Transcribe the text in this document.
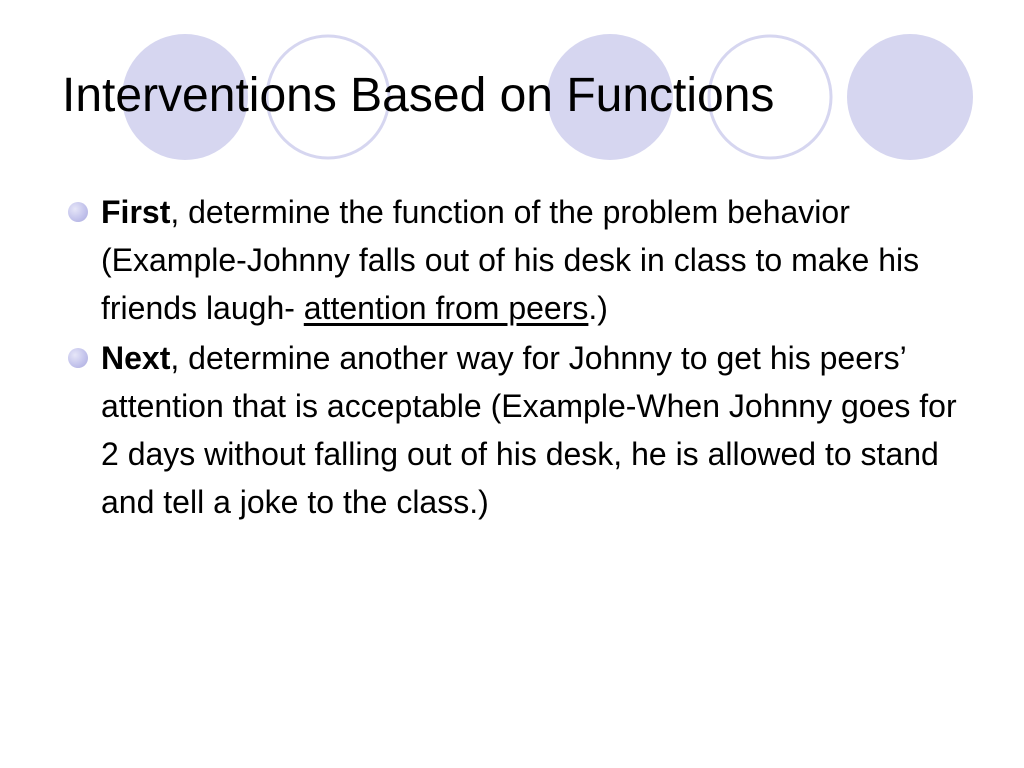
Interventions Based on Functions
First, determine the function of the problem behavior (Example-Johnny falls out of his desk in class to make his friends laugh- attention from peers.)
Next, determine another way for Johnny to get his peers’ attention that is acceptable (Example-When Johnny goes for 2 days without falling out of his desk, he is allowed to stand and tell a joke to the class.)
